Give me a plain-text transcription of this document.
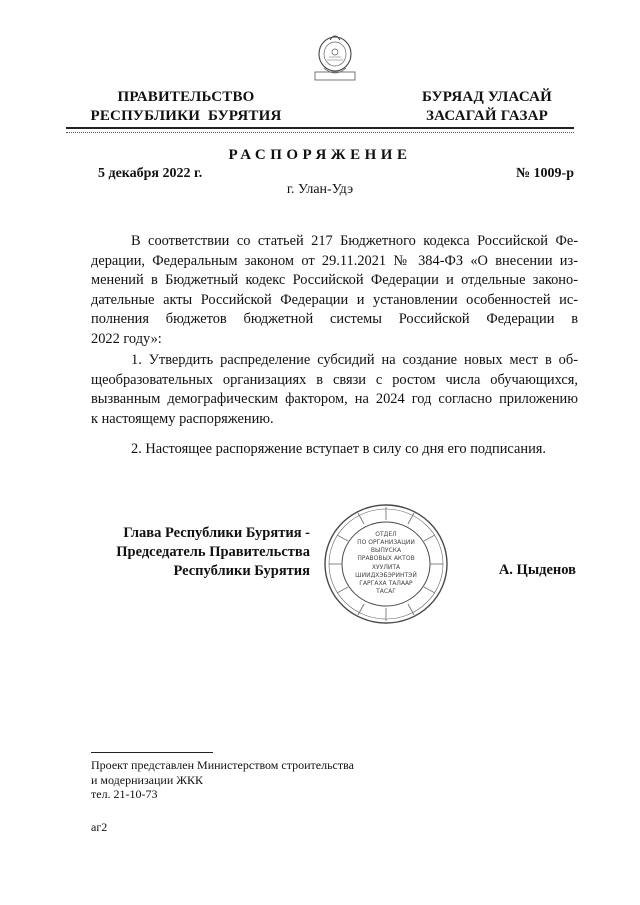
ПРАВИТЕЛЬСТВО
РЕСПУБЛИКИ  БУРЯТИЯ
БУРЯАД УЛАСАЙ
ЗАСАГАЙ ГАЗАР
РАСПОРЯЖЕНИЕ
5 декабря 2022 г.	№ 1009-р
г. Улан-Удэ
В соответствии со статьей 217 Бюджетного кодекса Российской Фе-
дерации, Федеральным законом от 29.11.2021 № 384-ФЗ «О внесении из-
менений в Бюджетный кодекс Российской Федерации и отдельные законо-
дательные акты Российской Федерации и установлении особенностей ис-
полнения бюджетов бюджетной системы Российской Федерации в
2022 году»:
1. Утвердить распределение субсидий на создание новых мест в об-
щеобразовательных организациях в связи с ростом числа обучающихся,
вызванным демографическим фактором, на 2024 год согласно приложению
к настоящему распоряжению.
2. Настоящее распоряжение вступает в силу со дня его подписания.
Глава Республики Бурятия -
Председатель Правительства
Республики Бурятия
ОТДЕЛ
ПО ОРГАНИЗАЦИИ
ВЫПУСКА
ПРАВОВЫХ АКТОВ
ХУУЛИТА
ШИИДХЭБЭРИНТЭЙ
ГАРГАХА ТАЛААР
ТАСАГ
А. Цыденов
Проект представлен Министерством строительства
и модернизации ЖКК
тел. 21-10-73
аг2
